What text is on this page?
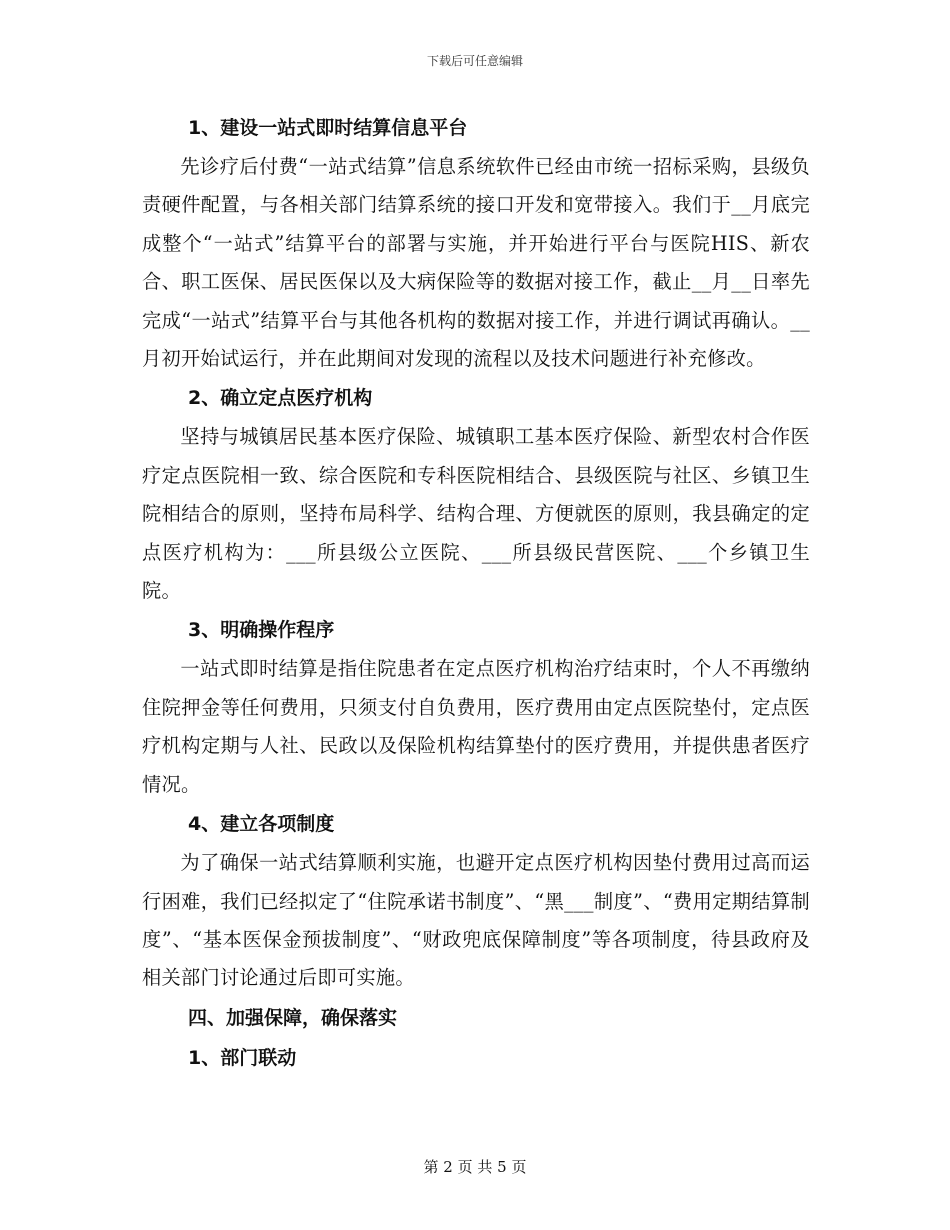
下载后可任意编辑
1、建设一站式即时结算信息平台

先诊疗后付费“一站式结算”信息系统软件已经由市统一招标采购，县级负责硬件配置，与各相关部门结算系统的接口开发和宽带接入。我们于__月底完成整个“一站式”结算平台的部署与实施，并开始进行平台与医院HIS、新农合、职工医保、居民医保以及大病保险等的数据对接工作，截止__月__日率先完成“一站式”结算平台与其他各机构的数据对接工作，并进行调试再确认。__月初开始试运行，并在此期间对发现的流程以及技术问题进行补充修改。

2、确立定点医疗机构

坚持与城镇居民基本医疗保险、城镇职工基本医疗保险、新型农村合作医疗定点医院相一致、综合医院和专科医院相结合、县级医院与社区、乡镇卫生院相结合的原则，坚持布局科学、结构合理、方便就医的原则，我县确定的定点医疗机构为：___所县级公立医院、___所县级民营医院、___个乡镇卫生院。

3、明确操作程序

一站式即时结算是指住院患者在定点医疗机构治疗结束时，个人不再缴纳住院押金等任何费用，只须支付自负费用，医疗费用由定点医院垫付，定点医疗机构定期与人社、民政以及保险机构结算垫付的医疗费用，并提供患者医疗情况。

4、建立各项制度

为了确保一站式结算顺利实施，也避开定点医疗机构因垫付费用过高而运行困难，我们已经拟定了“住院承诺书制度”、“黑___制度”、“费用定期结算制度”、“基本医保金预拔制度”、“财政兜底保障制度”等各项制度，待县政府及相关部门讨论通过后即可实施。

四、加强保障，确保落实
1、部门联动
第 2 页 共 5 页
